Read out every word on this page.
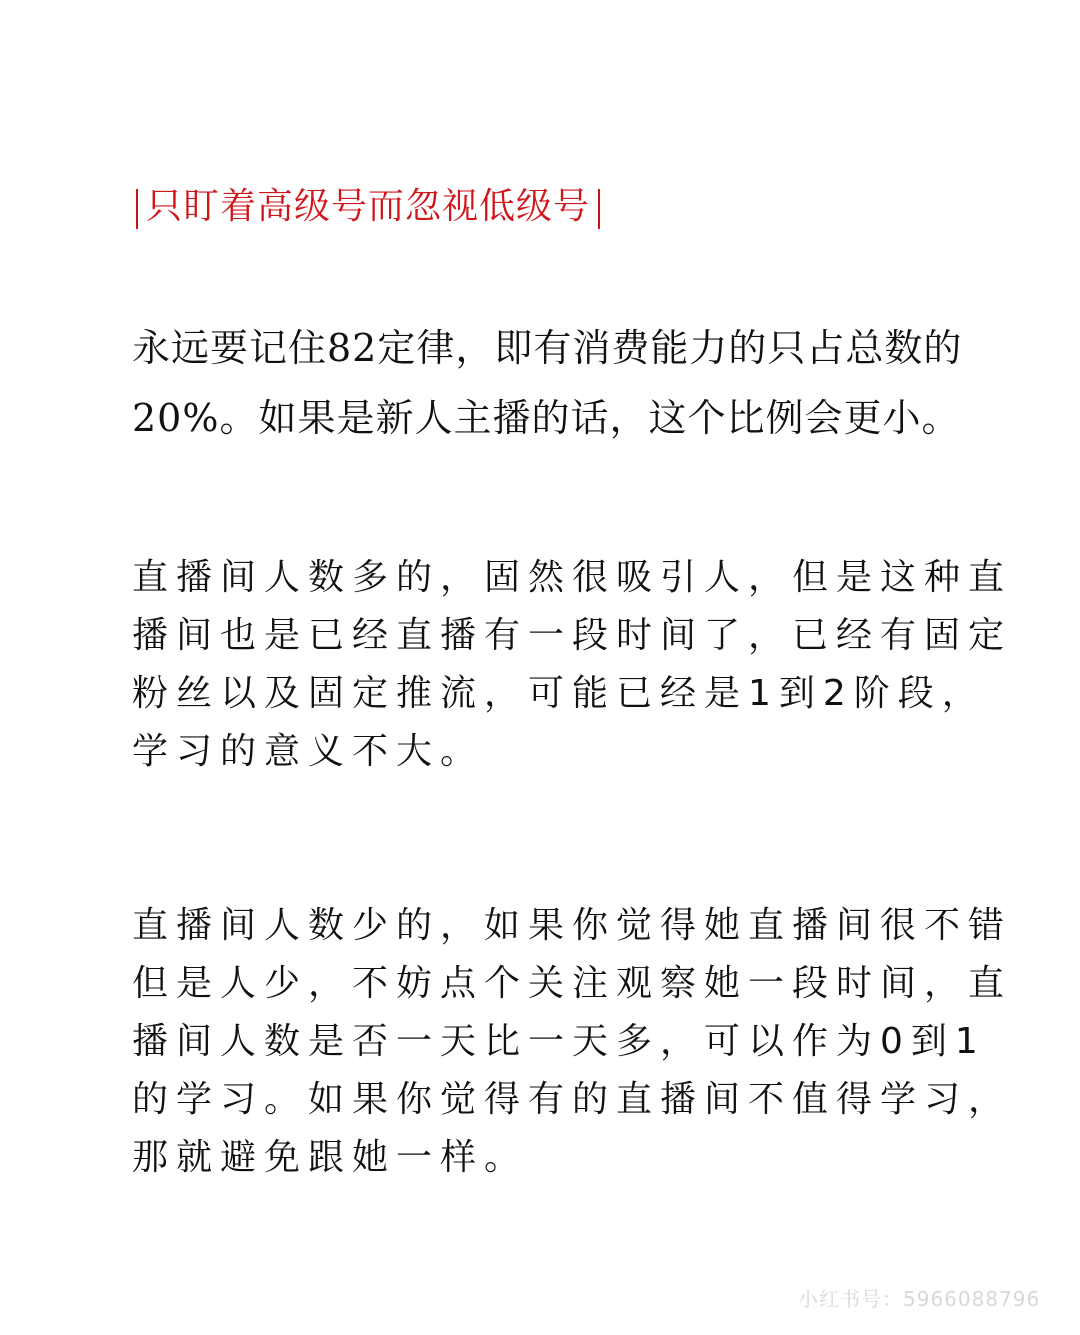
只盯着高级号而忽视低级号

永远要记住82定律，即有消费能力的只占总数的20%。如果是新人主播的话，这个比例会更小。

直播间人数多的，固然很吸引人，但是这种直播间也是已经直播有一段时间了，已经有固定粉丝以及固定推流，可能已经是1到2阶段，学习的意义不大。

直播间人数少的，如果你觉得她直播间很不错但是人少，不妨点个关注观察她一段时间，直播间人数是否一天比一天多，可以作为0到1的学习。如果你觉得有的直播间不值得学习，那就避免跟她一样。

小红书号：5966088796
